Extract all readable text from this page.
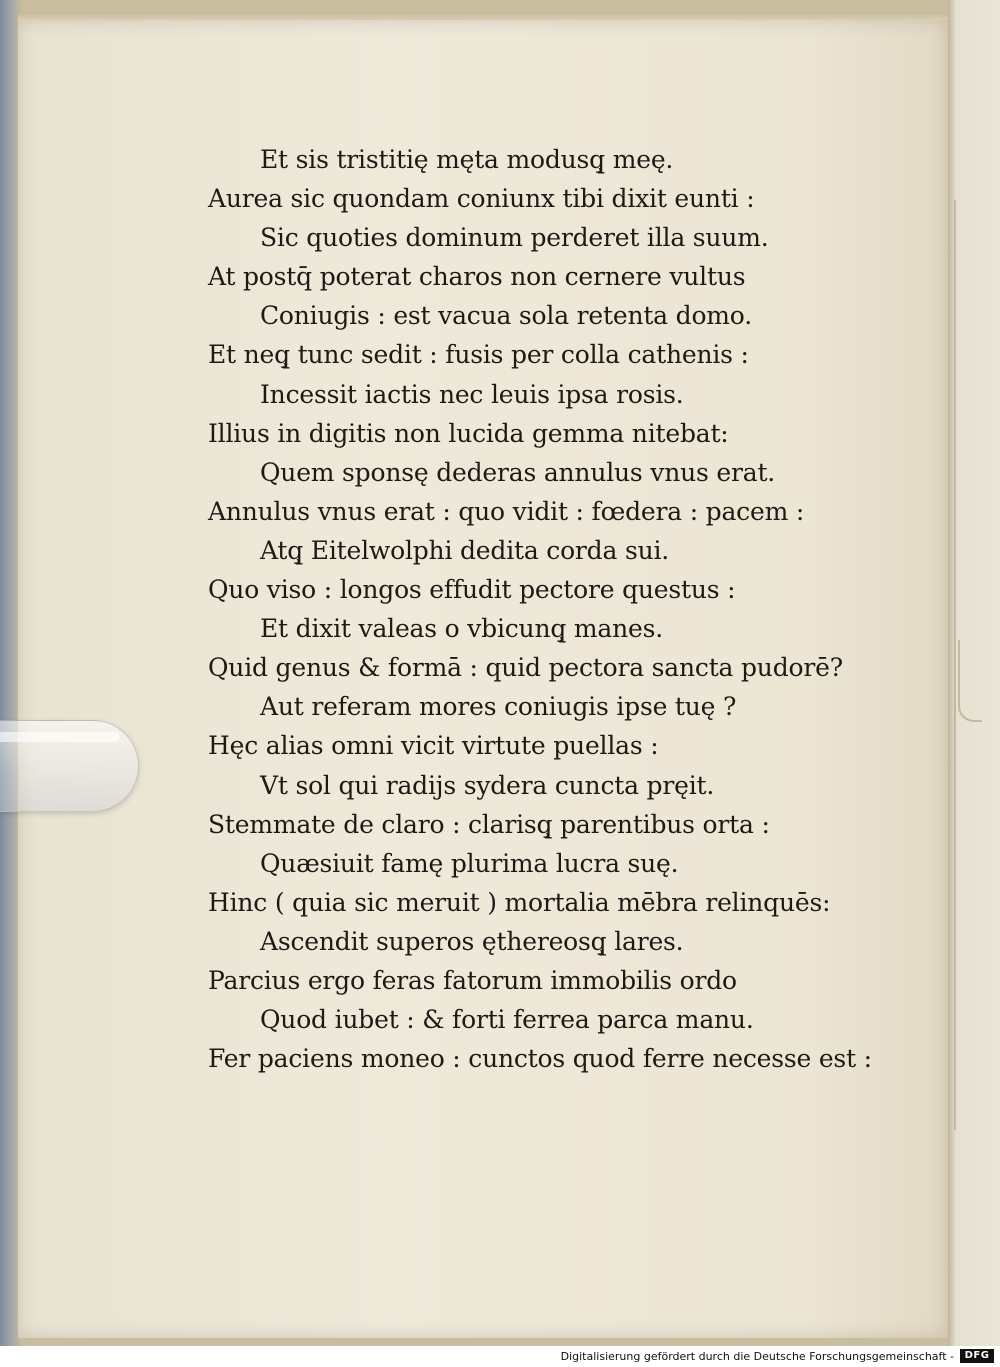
Et sis tristitię męta modusq̧ meę.
Aurea sic quondam coniunx tibi dixit eunti :
Sic quoties dominum perderet illa suum.
At postq̄ poterat charos non cernere vultus
Coniugis : est vacua sola retenta domo.
Et neq̧ tunc sedit : fusis per colla cathenis :
Incessit iactis nec leuis ipsa rosis.
Illius in digitis non lucida gemma nitebat:
Quem sponsę dederas annulus vnus erat.
Annulus vnus erat : quo vidit : fœdera : pacem :
Atq̧ Eitelwolphi dedita corda sui.
Quo viso : longos effudit pectore questus :
Et dixit valeas o vbicunq̧ manes.
Quid genus & formā : quid pectora sancta pudorē?
Aut referam mores coniugis ipse tuę ?
Hęc alias omni vicit virtute puellas :
Vt sol qui radijs sydera cuncta pręit.
Stemmate de claro : clarisq̧ parentibus orta :
Quæsiuit famę plurima lucra suę.
Hinc ( quia sic meruit ) mortalia mēbra relinquēs:
Ascendit superos ęthereosq̧ lares.
Parcius ergo feras fatorum immobilis ordo
Quod iubet : & forti ferrea parca manu.
Fer paciens moneo : cunctos quod ferre necesse est :
Digitalisierung gefördert durch die Deutsche Forschungsgemeinschaft -	DFG
